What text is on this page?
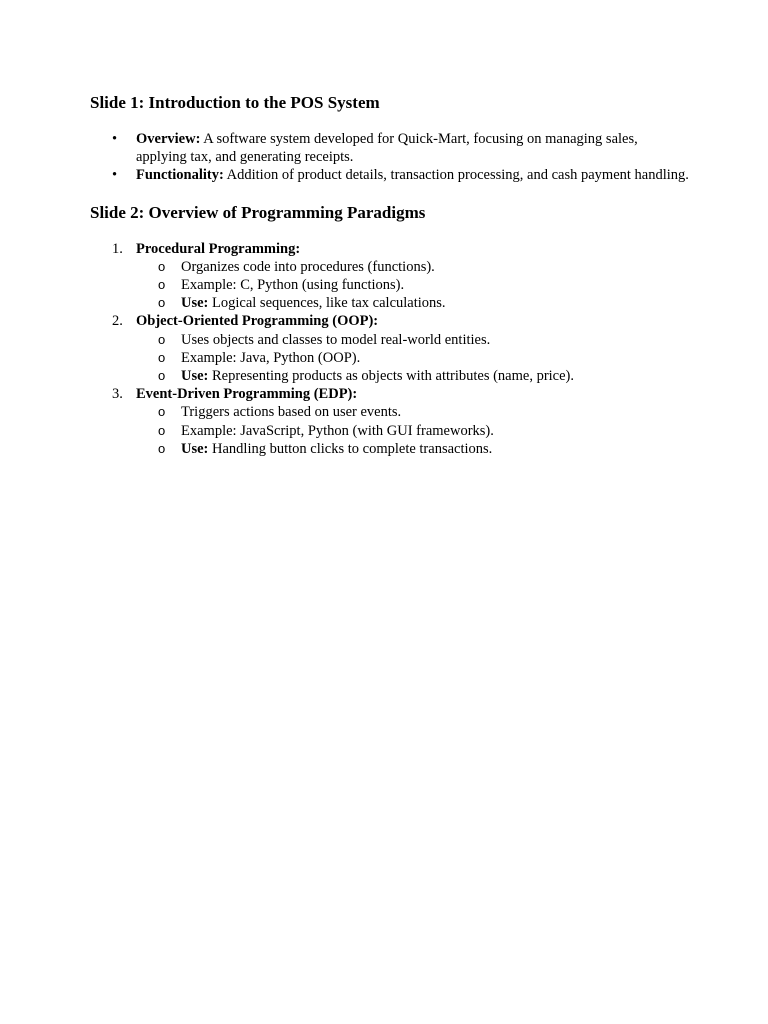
Slide 1: Introduction to the POS System
• Overview: A software system developed for Quick-Mart, focusing on managing sales, applying tax, and generating receipts.
• Functionality: Addition of product details, transaction processing, and cash payment handling.
Slide 2: Overview of Programming Paradigms
1. Procedural Programming:
o Organizes code into procedures (functions).
o Example: C, Python (using functions).
o Use: Logical sequences, like tax calculations.
2. Object-Oriented Programming (OOP):
o Uses objects and classes to model real-world entities.
o Example: Java, Python (OOP).
o Use: Representing products as objects with attributes (name, price).
3. Event-Driven Programming (EDP):
o Triggers actions based on user events.
o Example: JavaScript, Python (with GUI frameworks).
o Use: Handling button clicks to complete transactions.
